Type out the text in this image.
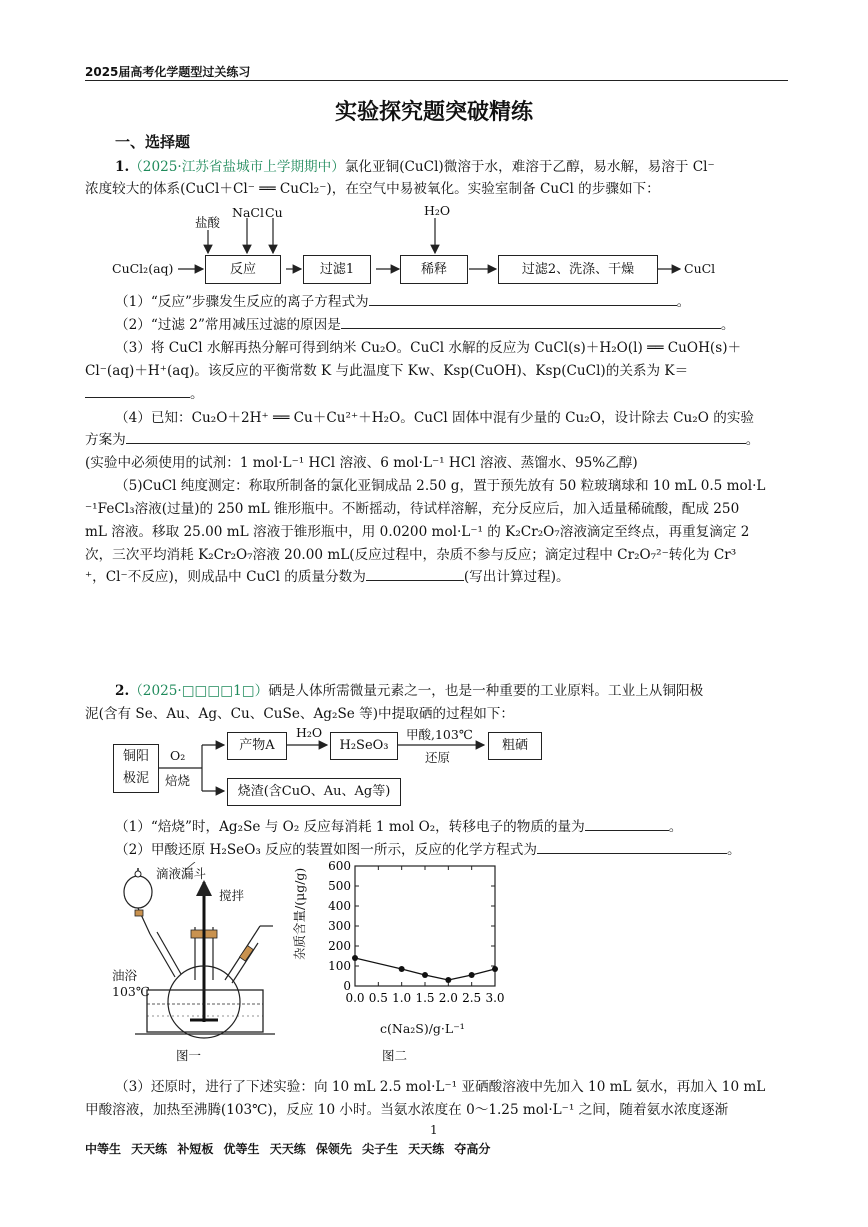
2025届高考化学题型过关练习
实验探究题突破精练
一、选择题
1.（2025·江苏省盐城市上学期期中）氯化亚铜(CuCl)微溶于水，难溶于乙醇，易水解，易溶于 Cl⁻
浓度较大的体系(CuCl＋Cl⁻ ══ CuCl₂⁻)，在空气中易被氧化。实验室制备 CuCl 的步骤如下：
CuCl₂(aq)
盐酸
NaCl Cu	H₂O
反应	过滤1	稀释	过滤2、洗涤、干燥	CuCl
（1）“反应”步骤发生反应的离子方程式为	。
（2）“过滤 2”常用减压过滤的原因是	。
（3）将 CuCl 水解再热分解可得到纳米 Cu₂O。CuCl 水解的反应为 CuCl(s)＋H₂O(l) ══ CuOH(s)＋
Cl⁻(aq)＋H⁺(aq)。该反应的平衡常数 K 与此温度下 Kw、Ksp(CuOH)、Ksp(CuCl)的关系为 K＝
。
（4）已知：Cu₂O＋2H⁺ ══ Cu＋Cu²⁺＋H₂O。CuCl 固体中混有少量的 Cu₂O，设计除去 Cu₂O 的实验
方案为	。
(实验中必须使用的试剂：1 mol·L⁻¹ HCl 溶液、6 mol·L⁻¹ HCl 溶液、蒸馏水、95%乙醇)
（5)CuCl 纯度测定：称取所制备的氯化亚铜成品 2.50 g，置于预先放有 50 粒玻璃球和 10 mL 0.5 mol·L
⁻¹FeCl₃溶液(过量)的 250 mL 锥形瓶中。不断摇动，待试样溶解，充分反应后，加入适量稀硫酸，配成 250
mL 溶液。移取 25.00 mL 溶液于锥形瓶中，用 0.0200 mol·L⁻¹ 的 K₂Cr₂O₇溶液滴定至终点，再重复滴定 2
次，三次平均消耗 K₂Cr₂O₇溶液 20.00 mL(反应过程中，杂质不参与反应；滴定过程中 Cr₂O₇²⁻转化为 Cr³
⁺，Cl⁻不反应)，则成品中 CuCl 的质量分数为	(写出计算过程)。
2.（2025·□□□□1□）硒是人体所需微量元素之一，也是一种重要的工业原料。工业上从铜阳极
泥(含有 Se、Au、Ag、Cu、CuSe、Ag₂Se 等)中提取硒的过程如下：
铜阳
极泥
O₂
焙烧
产物A
H₂O
H₂SeO₃
甲酸,103℃
还原
粗硒
烧渣(含CuO、Au、Ag等)
（1）“焙烧”时，Ag₂Se 与 O₂ 反应每消耗 1 mol O₂，转移电子的物质的量为	。
（2）甲酸还原 H₂SeO₃ 反应的装置如图一所示，反应的化学方程式为	。
滴液漏斗
搅拌
油浴
103℃
图一
0
100
200
300
400
500
600
0.0 0.5 1.0 1.5 2.0 2.5 3.0
c(Na₂S)/g·L⁻¹
杂质含量/(μg/g)
图二
（3）还原时，进行了下述实验：向 10 mL 2.5 mol·L⁻¹ 亚硒酸溶液中先加入 10 mL 氨水，再加入 10 mL
甲酸溶液，加热至沸腾(103℃)，反应 10 小时。当氨水浓度在 0～1.25 mol·L⁻¹ 之间，随着氨水浓度逐渐
1
中等生 天天练 补短板 优等生 天天练 保领先 尖子生 天天练 夺高分
